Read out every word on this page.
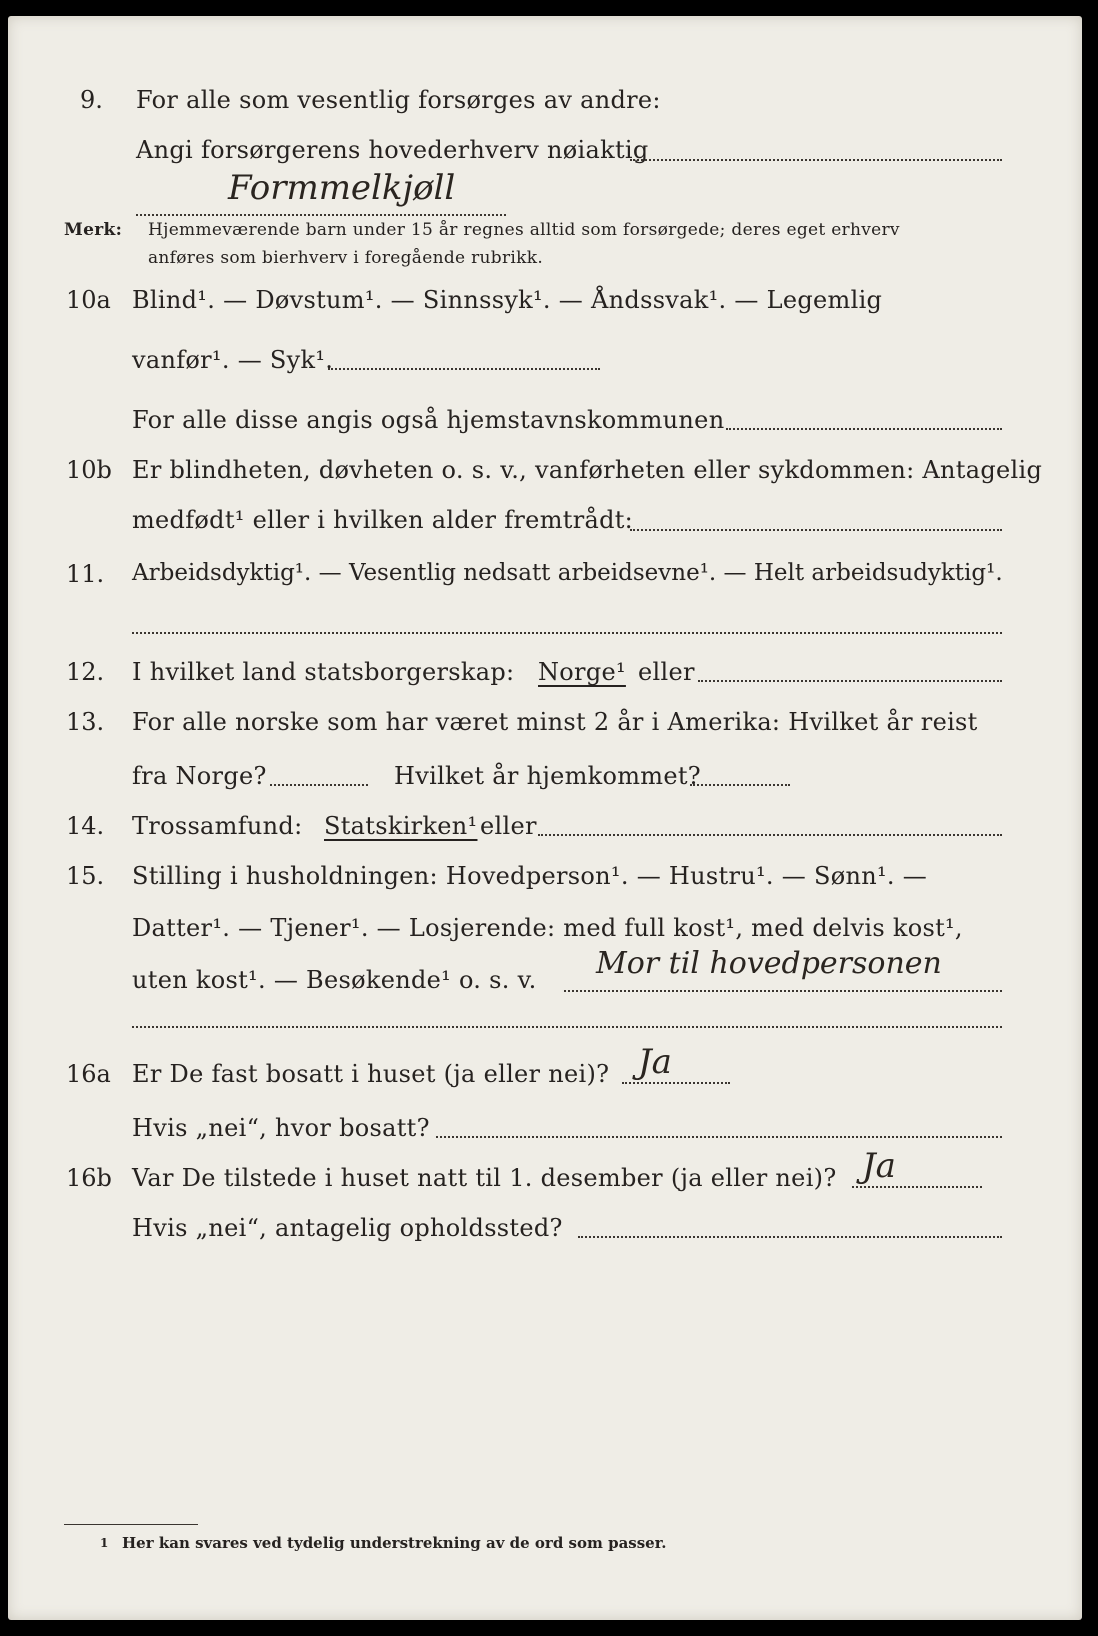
9. For alle som vesentlig forsørges av andre:
Angi forsørgerens hovederhverv nøiaktig
Formmelkjøll
Merk: Hjemmeværende barn under 15 år regnes alltid som forsørgede; deres eget erhverv
anføres som bierhverv i foregående rubrikk.
10a Blind¹. — Døvstum¹. — Sinnssyk¹. — Åndssvak¹. — Legemlig
vanfør¹. — Syk¹.
For alle disse angis også hjemstavnskommunen
10b Er blindheten, døvheten o. s. v., vanførheten eller sykdommen: Antagelig
medfødt¹ eller i hvilken alder fremtrådt:
11. Arbeidsdyktig¹. — Vesentlig nedsatt arbeidsevne¹. — Helt arbeidsudyktig¹.
12. I hvilket land statsborgerskap: Norge¹ eller
13. For alle norske som har været minst 2 år i Amerika: Hvilket år reist
fra Norge?	Hvilket år hjemkommet?
14. Trossamfund: Statskirken¹ eller
15. Stilling i husholdningen: Hovedperson¹. — Hustru¹. — Sønn¹. —
Datter¹. — Tjener¹. — Losjerende: med full kost¹, med delvis kost¹,
uten kost¹. — Besøkende¹ o. s. v. Mor til hovedpersonen
16a Er De fast bosatt i huset (ja eller nei)? Ja
Hvis „nei“, hvor bosatt?
16b Var De tilstede i huset natt til 1. desember (ja eller nei)? Ja
Hvis „nei“, antagelig opholdssted?
1 Her kan svares ved tydelig understrekning av de ord som passer.
